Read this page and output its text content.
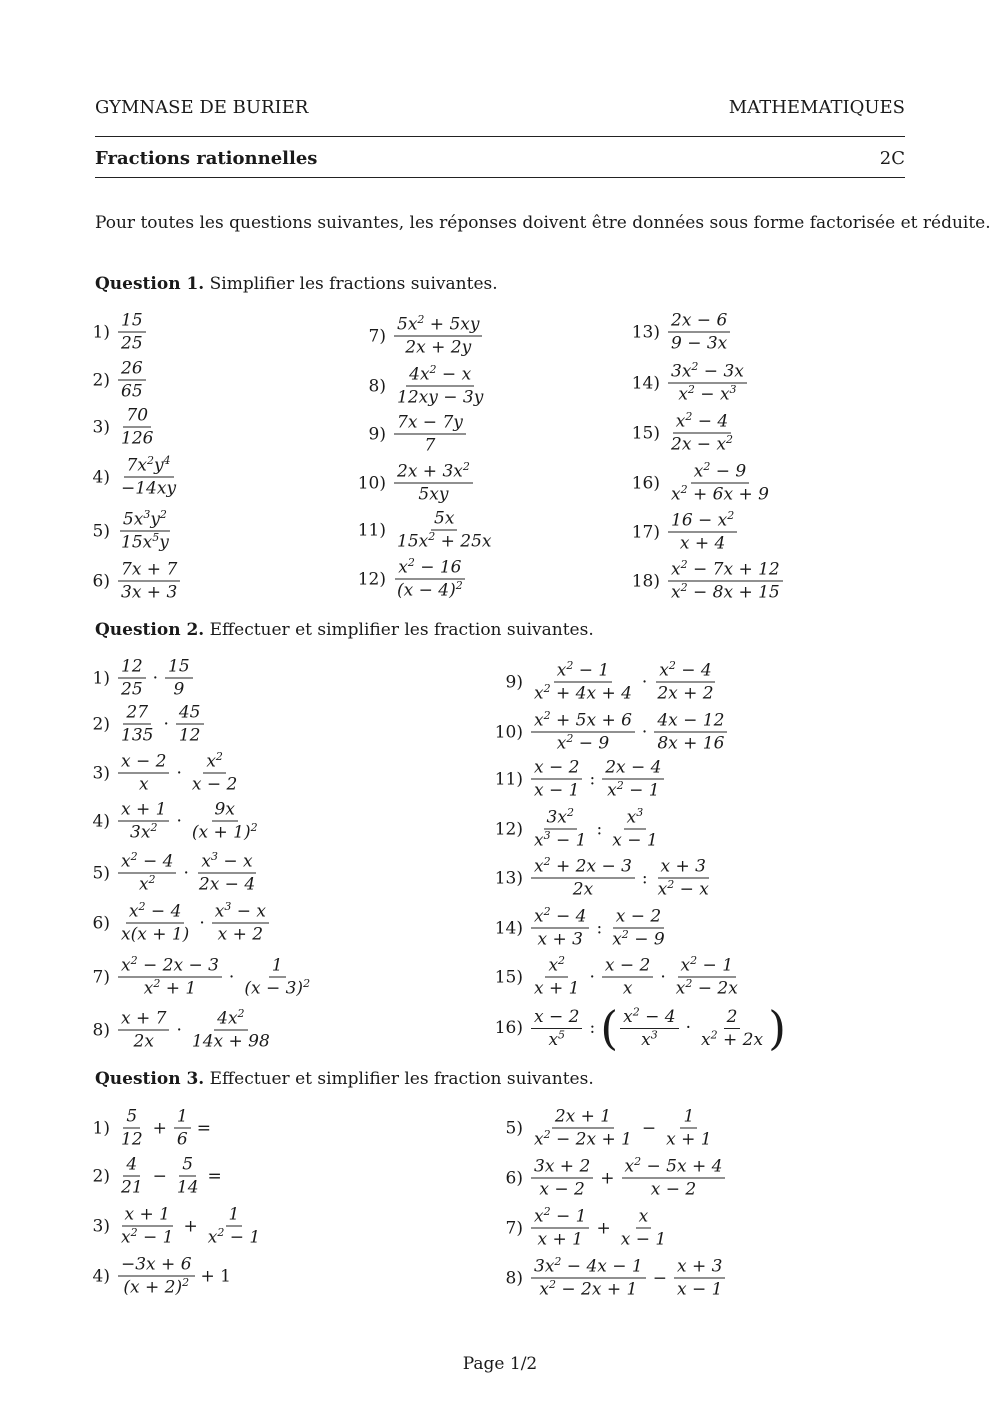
GYMNASE DE BURIER	MATHEMATIQUES
Fractions rationnelles	2C
Pour toutes les questions suivantes, les réponses doivent être données sous forme factorisée et réduite.
Question 1. Simplifier les fractions suivantes.
Question 2. Effectuer et simplifier les fraction suivantes.
Question 3. Effectuer et simplifier les fraction suivantes.
$1) \frac{15}{25}$
$2) \frac{26}{65}$
$3) \frac{70}{126}$
$4) \frac{7x^2y^4}{-14xy}$
$5) \frac{5x^3y^2}{15x^5y}$
$6) \frac{7x + 7}{3x + 3}$
$7) \frac{5x^2 + 5xy}{2x + 2y}$
$8) \frac{4x^2 - x}{12xy - 3y}$
$9) \frac{7x - 7y}{7}$
$10) \frac{2x + 3x^2}{5xy}$
$11) \frac{5x}{15x^2 + 25x}$
$12) \frac{x^2 - 16}{(x - 4)^2}$
$13) \frac{2x - 6}{9 - 3x}$
$14) \frac{3x^2 - 3x}{x^2 - x^3}$
$15) \frac{x^2 - 4}{2x - x^2}$
$16) \frac{x^2 - 9}{x^2 + 6x + 9}$
$17) \frac{16 - x^2}{x + 4}$
$18) \frac{x^2 - 7x + 12}{x^2 - 8x + 15}$
$1) \frac{12}{25} \cdot \frac{15}{9}$
$2) \frac{27}{135} \cdot \frac{45}{12}$
$3) \frac{x - 2}{x} \cdot \frac{x^2}{x - 2}$
$4) \frac{x + 1}{3x^2} \cdot \frac{9x}{(x + 1)^2}$
$5) \frac{x^2 - 4}{x^2} \cdot \frac{x^3 - x}{2x - 4}$
$6) \frac{x^2 - 4}{x(x + 1)} \cdot \frac{x^3 - x}{x + 2}$
$7) \frac{x^2 - 2x - 3}{x^2 + 1} \cdot \frac{1}{(x - 3)^2}$
$8) \frac{x + 7}{2x} \cdot \frac{4x^2}{14x + 98}$
$9) \frac{x^2 - 1}{x^2 + 4x + 4} \cdot \frac{x^2 - 4}{2x + 2}$
$10) \frac{x^2 + 5x + 6}{x^2 - 9} \cdot \frac{4x - 12}{8x + 16}$
$11) \frac{x - 2}{x - 1}$ : $\frac{2x - 4}{x^2 - 1}$
$12) \frac{3x^2}{x^3 - 1}$ : $\frac{x^3}{x - 1}$
$13) \frac{x^2 + 2x - 3}{2x}$ : $\frac{x + 3}{x^2 - x}$
$14) \frac{x^2 - 4}{x + 3}$ : $\frac{x - 2}{x^2 - 9}$
$15) \frac{x^2}{x + 1} \cdot \frac{x - 2}{x} \cdot \frac{x^2 - 1}{x^2 - 2x}$
$16) \frac{x - 2}{x^5}$ : ( $\frac{x^2 - 4}{x^3} \cdot \frac{2}{x^2 + 2x}$ )
$1) \frac{5}{12} + \frac{1}{6}$ =
$2) \frac{4}{21} - \frac{5}{14}$ =
$3) \frac{x + 1}{x^2 - 1} + \frac{1}{x^2 - 1}$
$4) \frac{-3x + 6}{(x + 2)^2} + 1$
$5) \frac{2x + 1}{x^2 - 2x + 1} - \frac{1}{x + 1}$
$6) \frac{3x + 2}{x - 2} + \frac{x^2 - 5x + 4}{x - 2}$
$7) \frac{x^2 - 1}{x + 1} + \frac{x}{x - 1}$
$8) \frac{3x^2 - 4x - 1}{x^2 - 2x + 1} - \frac{x + 3}{x - 1}$
Page 1/2
